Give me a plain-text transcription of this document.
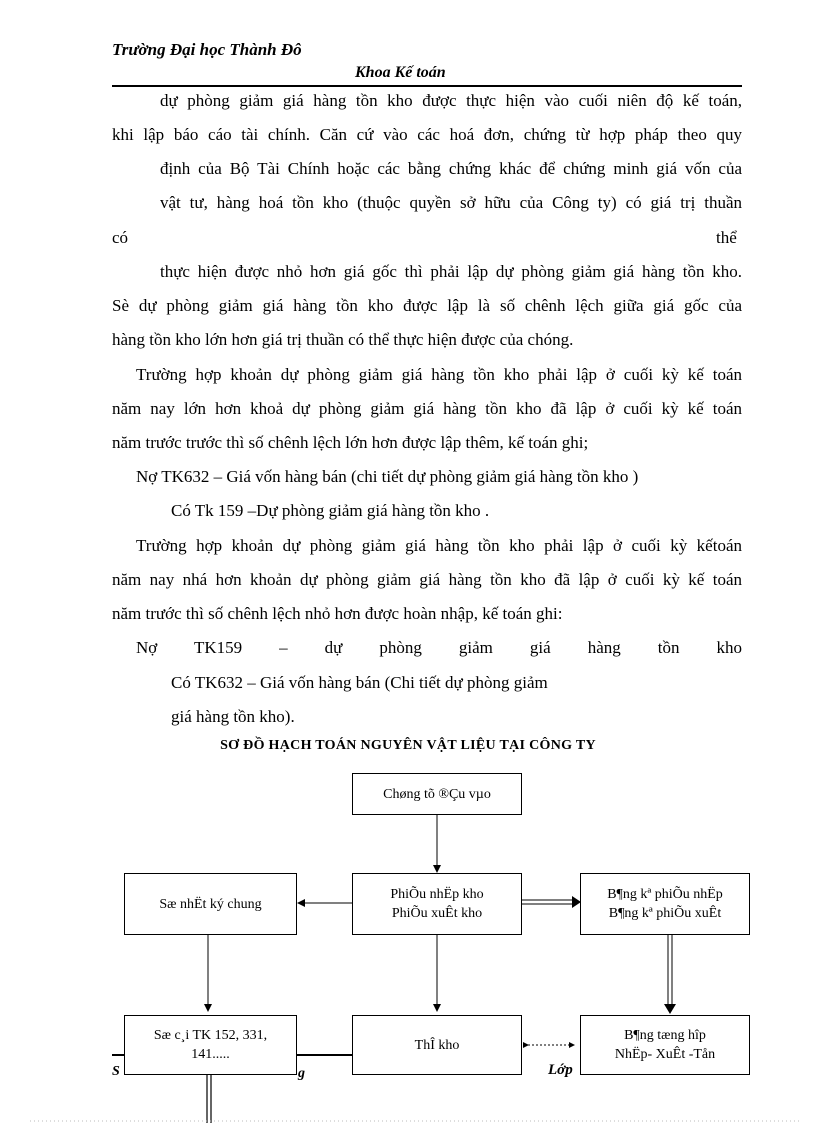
Trường Đại học Thành Đô
Khoa Kế toán
dự phòng giảm giá hàng tồn kho được thực hiện vào cuối niên độ kế toán,
khi lập báo cáo tài chính. Căn cứ vào các hoá đơn, chứng từ hợp pháp theo quy
định của Bộ Tài Chính hoặc các bằng chứng khác để chứng minh giá vốn của
vật tư, hàng hoá tồn kho (thuộc quyền sở hữu của Công ty) có giá trị thuần
có	thể
thực hiện được nhỏ hơn giá gốc thì phải lập dự phòng giảm giá hàng tồn kho.
Sè dự phòng giảm giá hàng tồn kho được lập là số chênh lệch giữa giá gốc của
hàng tồn kho lớn hơn giá trị thuần có thể thực hiện được của chóng.
Trường hợp khoản dự phòng giảm giá hàng tồn kho phải lập ở cuối kỳ kế toán
năm nay lớn hơn khoả dự phòng giảm giá hàng tồn kho đã lập ở cuối kỳ kế toán
năm trước trước thì số chênh lệch lớn hơn được lập thêm, kế toán ghi;
Nợ TK632 – Giá vốn hàng bán (chi tiết dự phòng giảm giá hàng tồn kho )
Có Tk 159 –Dự phòng giảm giá hàng tồn kho .
Trường hợp khoản dự phòng giảm giá hàng tồn kho phải lập ở cuối kỳ kếtoán
năm nay nhá hơn khoản dự phòng giảm giá hàng tồn kho đã lập ở cuối kỳ kế toán
năm trước thì số chênh lệch nhỏ hơn được hoàn nhập, kế toán ghi:
Nợ TK159 – dự phòng giảm giá hàng tồn kho
Có TK632 – Giá vốn hàng bán (Chi tiết dự phòng giảm
giá hàng tồn kho).
SƠ ĐỒ HẠCH TOÁN NGUYÊN VẬT LIỆU TẠI CÔNG TY
Chøng tõ ®Çu vµo
PhiÕu nhËp kho
PhiÕu xuÊt kho
Sæ nhËt ký chung
B¶ng kª phiÕu nhËp
B¶ng kª phiÕu xuÊt
Sæ c¸i TK 152, 331,
141.....
ThÎ kho
B¶ng tæng hîp
NhËp- XuÊt -Tån
S	g	Lớp
